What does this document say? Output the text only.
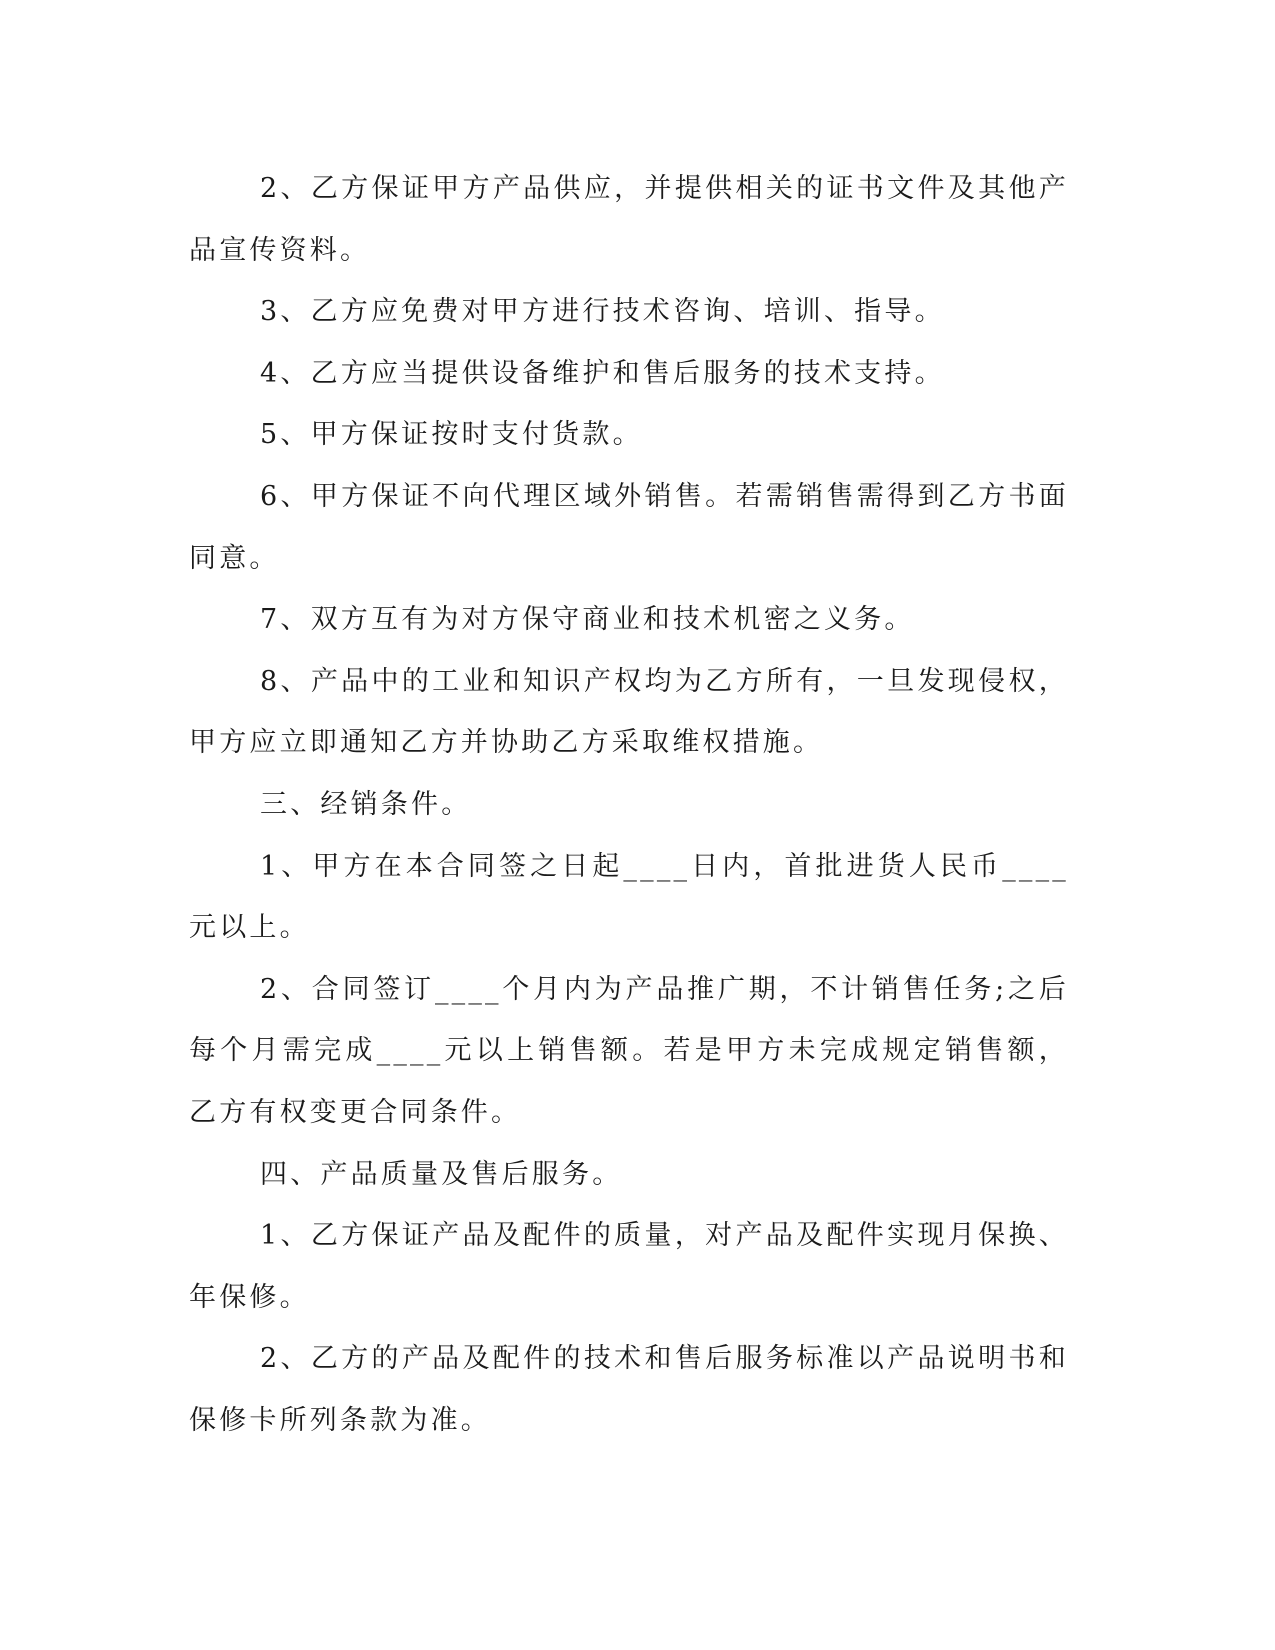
2、乙方保证甲方产品供应，并提供相关的证书文件及其他产品宣传资料。

3、乙方应免费对甲方进行技术咨询、培训、指导。

4、乙方应当提供设备维护和售后服务的技术支持。

5、甲方保证按时支付货款。

6、甲方保证不向代理区域外销售。若需销售需得到乙方书面同意。

7、双方互有为对方保守商业和技术机密之义务。

8、产品中的工业和知识产权均为乙方所有，一旦发现侵权，甲方应立即通知乙方并协助乙方采取维权措施。

三、经销条件。

1、甲方在本合同签之日起____日内，首批进货人民币____元以上。

2、合同签订____个月内为产品推广期，不计销售任务;之后每个月需完成____元以上销售额。若是甲方未完成规定销售额，乙方有权变更合同条件。

四、产品质量及售后服务。

1、乙方保证产品及配件的质量，对产品及配件实现月保换、年保修。

2、乙方的产品及配件的技术和售后服务标准以产品说明书和保修卡所列条款为准。
